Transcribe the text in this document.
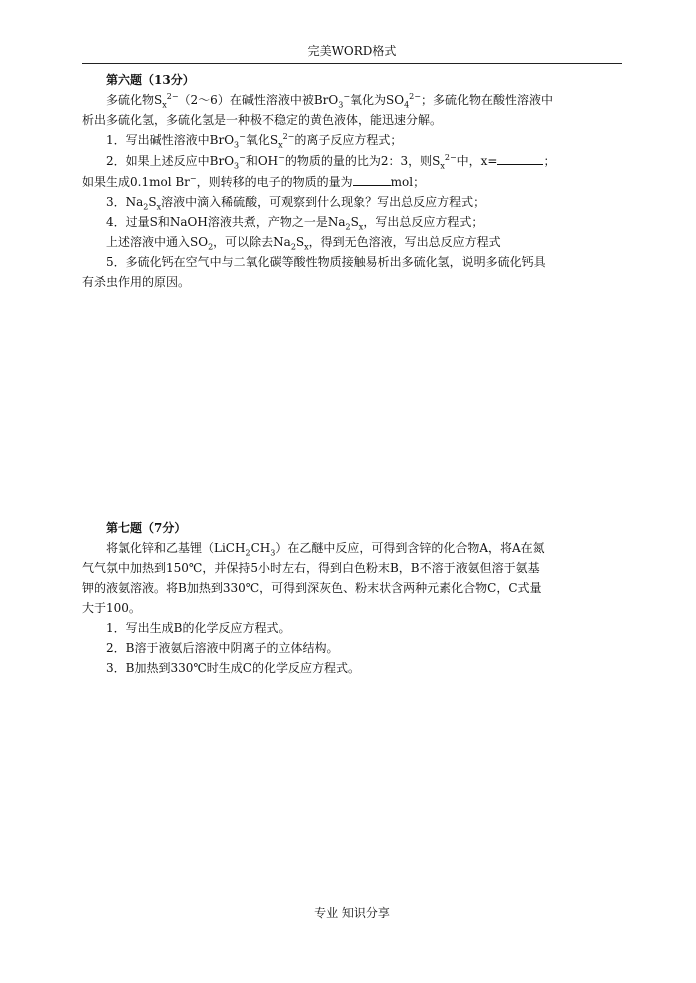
完美WORD格式

第六题（13分）

多硫化物$S_x^{2-}(2\sim 6)$在碱性溶液中被BrO$_3$−氧化为$SO_4^{2-}$；多硫化物在酸性溶液中

析出多硫化氢，多硫化氢是一种极不稳定的黄色液体，能迅速分解。

1．写出碱性溶液中BrO$_3$−氧化$S_x^{2-}$的离子反应方程式；

2．如果上述反应中BrO$_3$−和OH−的物质的量的比为2：3，则$S_x^{2-}$中，x=	；

如果生成0.1mol Br−，则转移的电子的物质的量为	mol；

3．$Na_2S_x$溶液中滴入稀硫酸，可观察到什么现象？写出总反应方程式；

4．过量S和NaOH溶液共煮，产物之一是$Na_2S_x$，写出总反应方程式；

上述溶液中通入$SO_2$，可以除去$Na_2S_x$，得到无色溶液，写出总反应方程式

5．多硫化钙在空气中与二氧化碳等酸性物质接触易析出多硫化氢，说明多硫化钙具

有杀虫作用的原因。

第七题（7分）

将氯化锌和乙基锂$(LiCH_2CH_3)$在乙醚中反应，可得到含锌的化合物A，将A在氮

气气氛中加热到150℃，并保持5小时左右，得到白色粉末B，B不溶于液氨但溶于氨基

钾的液氨溶液。将B加热到330℃，可得到深灰色、粉末状含两种元素化合物C，C式量

大于100。

1．写出生成B的化学反应方程式。

2．B溶于液氨后溶液中阴离子的立体结构。

3．B加热到330℃时生成C的化学反应方程式。

专业 知识分享
